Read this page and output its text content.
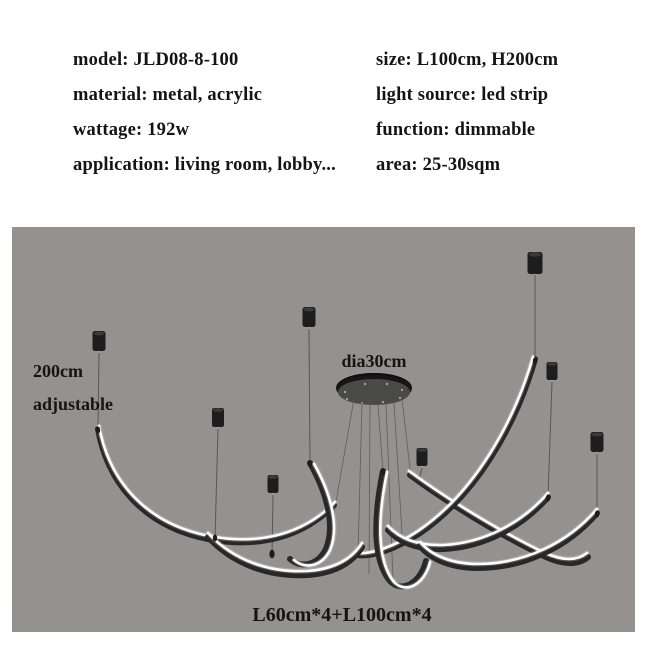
model: JLD08-8-100
material: metal, acrylic
wattage: 192w
application: living room, lobby...
size: L100cm, H200cm
light source: led strip
function: dimmable
area: 25-30sqm
200cm
adjustable
dia30cm
L60cm*4+L100cm*4
